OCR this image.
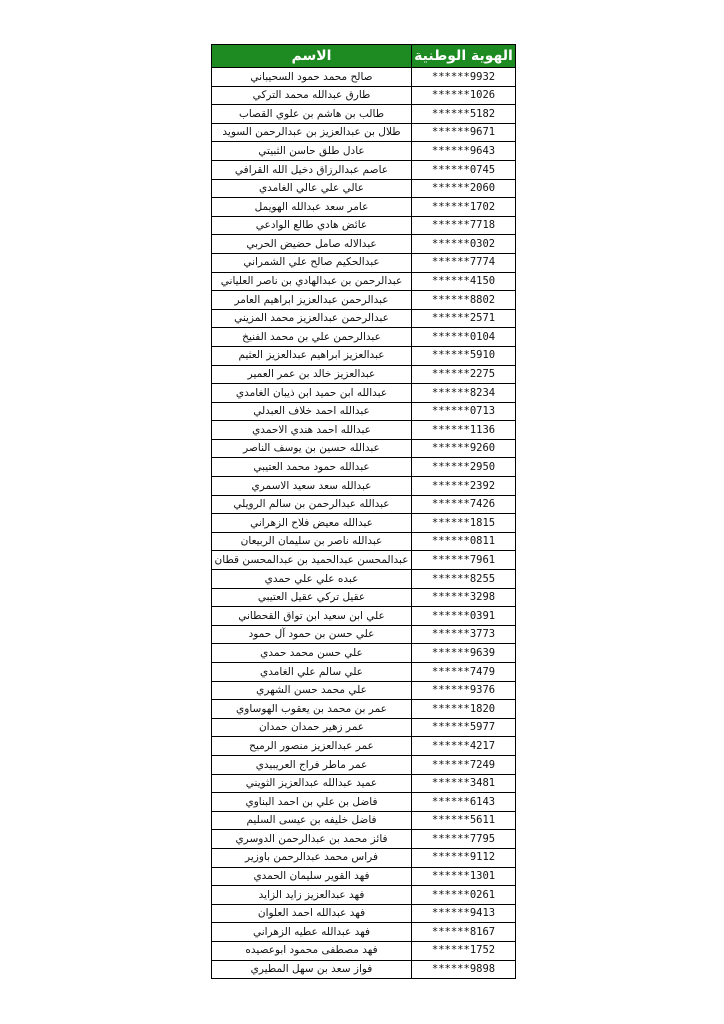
الاسم	الهوية الوطنية
صالح محمد حمود السحيباني	******9932
طارق عبدالله محمد التركي	******1026
طالب بن هاشم بن علوي القصاب	******5182
طلال بن عبدالعزيز بن عبدالرحمن السويد	******9671
عادل طلق حاسن الثبيتي	******9643
عاصم عبدالرزاق دخيل الله القرافي	******0745
عالي علي عالي الغامدي	******2060
عامر سعد عبدالله الهويمل	******1702
عائض هادي طالع الوادعي	******7718
عبدالاله صامل حضيض الحربي	******0302
عبدالحكيم صالح علي الشمراني	******7774
عبدالرحمن بن عبدالهادي بن ناصر العلياني	******4150
عبدالرحمن عبدالعزيز ابراهيم العامر	******8802
عبدالرحمن عبدالعزيز محمد المزيني	******2571
عبدالرحمن علي بن محمد الفنيخ	******0104
عبدالعزيز ابراهيم عبدالعزيز العثيم	******5910
عبدالعزيز خالد بن عمر العمير	******2275
عبدالله ابن حميد ابن ذيبان الغامدي	******8234
عبدالله احمد خلاف العبدلي	******0713
عبدالله احمد هندي الاحمدي	******1136
عبدالله حسين بن يوسف الناصر	******9260
عبدالله حمود محمد العتيبي	******2950
عبدالله سعد سعيد الاسمري	******2392
عبدالله عبدالرحمن بن سالم الرويلي	******7426
عبدالله معيض فلاح الزهراني	******1815
عبدالله ناصر بن سليمان الربيعان	******0811
عبدالمحسن عبدالحميد بن عبدالمحسن قطان	******7961
عبده علي علي حمدي	******8255
عقيل تركي عقيل العتيبي	******3298
علي ابن سعيد ابن تواق القحطاني	******0391
علي حسن بن حمود آل حمود	******3773
علي حسن محمد حمدي	******9639
علي سالم علي الغامدي	******7479
علي محمد حسن الشهري	******9376
عمر بن محمد بن يعقوب الهوساوي	******1820
عمر زهير حمدان حمدان	******5977
عمر عبدالعزيز منصور الرميح	******4217
عمر ماطر فراج العريبيدي	******7249
عميد عبدالله عبدالعزيز الثويني	******3481
فاضل بن علي بن احمد البناوي	******6143
فاضل خليفه بن عيسى السليم	******5611
فائز محمد بن عبدالرحمن الدوسري	******7795
فراس محمد عبدالرحمن باوزير	******9112
فهد القوير سليمان الحمدي	******1301
فهد عبدالعزيز زايد الزايد	******0261
فهد عبدالله احمد العلوان	******9413
فهد عبدالله عطيه الزهراني	******8167
فهد مصطفى محمود ابوعصيده	******1752
فواز سعد بن سهل المطيري	******9898
